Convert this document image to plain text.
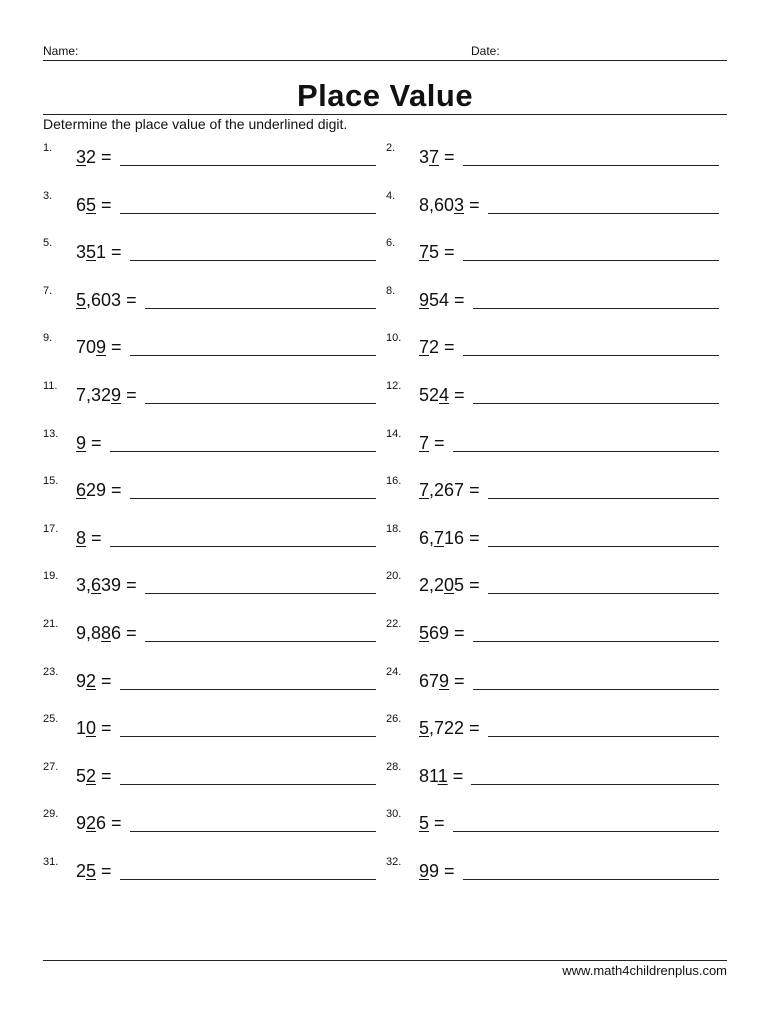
Name:	Date:
Place Value
Determine the place value of the underlined digit.
1. 32 =	2. 37 =
3. 65 =	4. 8,603 =
5. 351 =	6. 75 =
7. 5,603 =	8. 954 =
9. 709 =	10. 72 =
11. 7,329 =	12. 524 =
13. 9 =	14. 7 =
15. 629 =	16. 7,267 =
17. 8 =	18. 6,716 =
19. 3,639 =	20. 2,205 =
21. 9,886 =	22. 569 =
23. 92 =	24. 679 =
25. 10 =	26. 5,722 =
27. 52 =	28. 811 =
29. 926 =	30. 5 =
31. 25 =	32. 99 =
www.math4childrenplus.com
